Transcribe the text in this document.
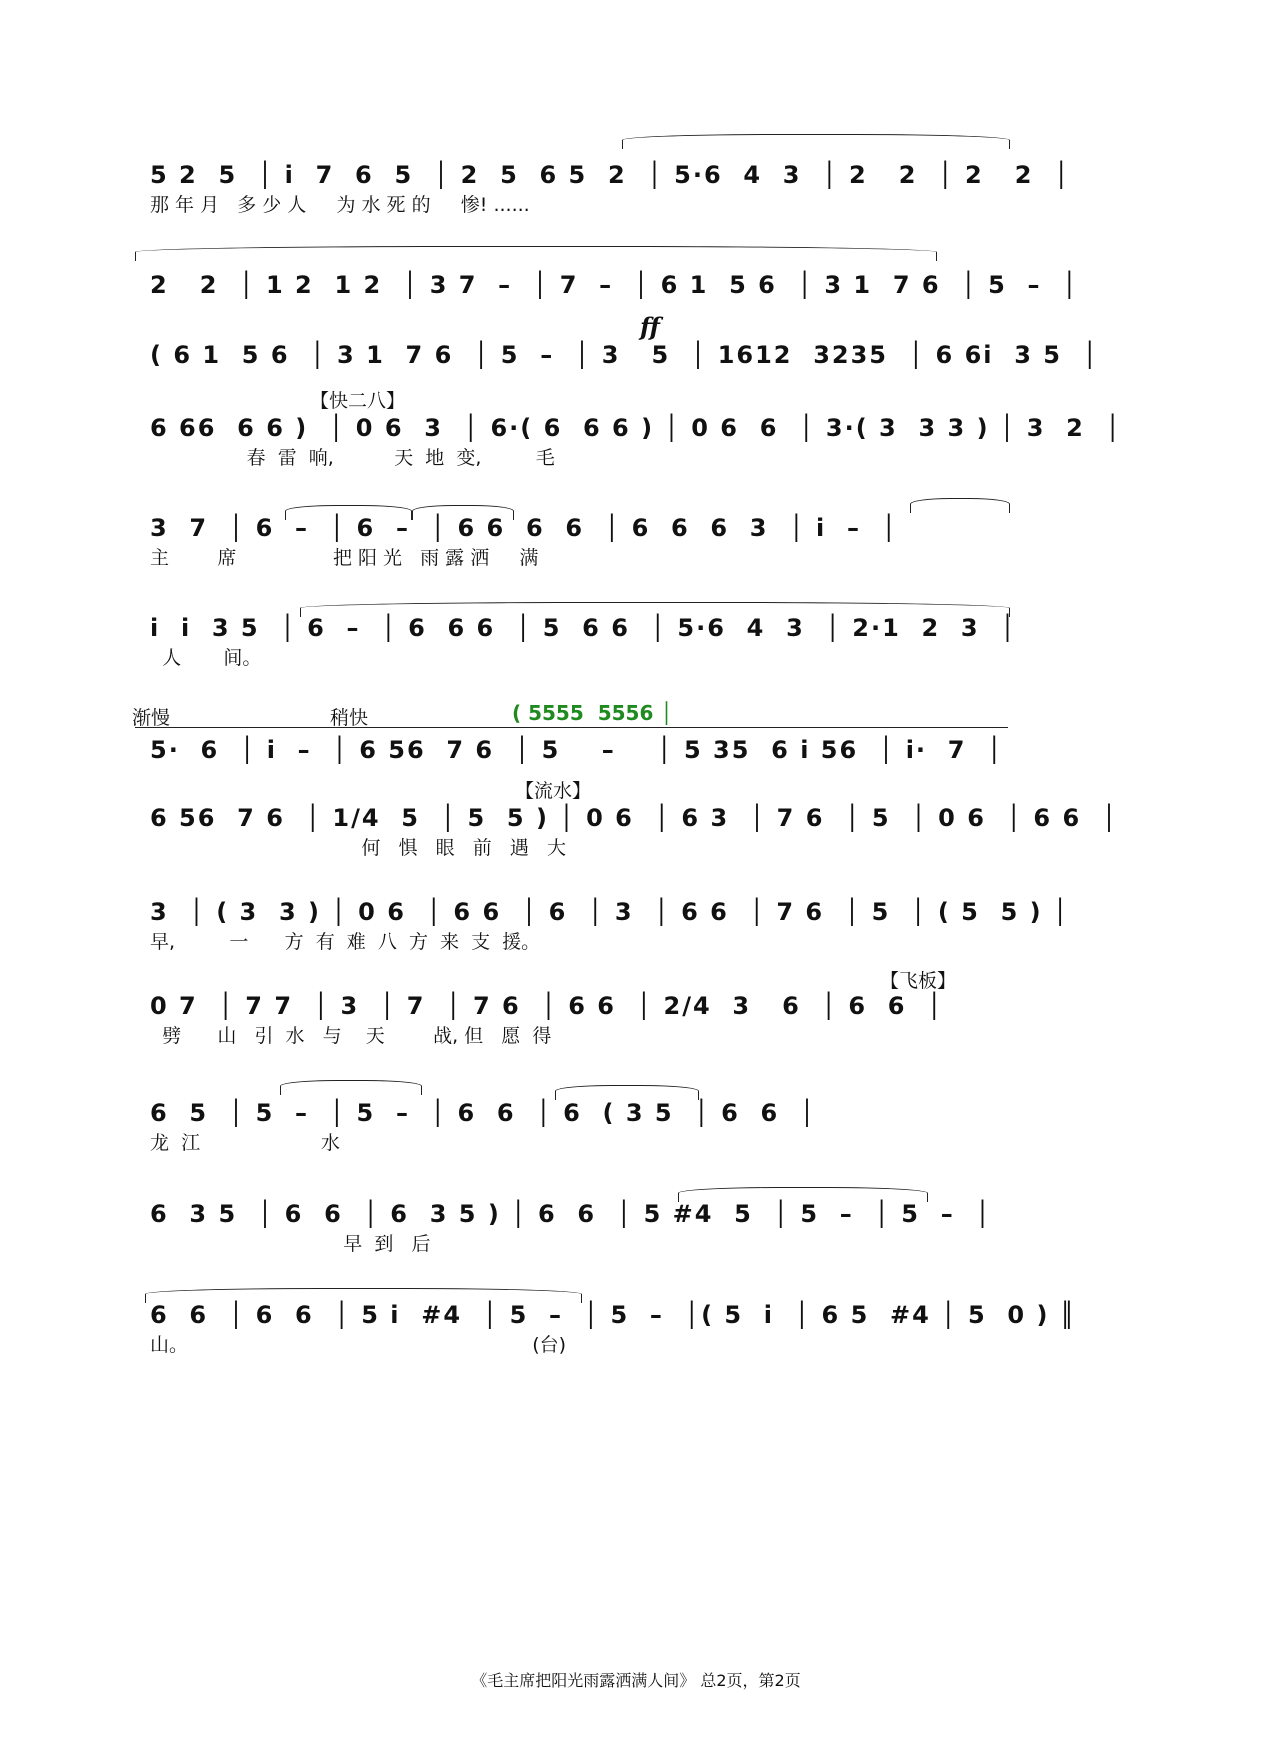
5 2  5  │ i  7  6  5  │ 2  5  6 5  2  │ 5·6  4  3  │ 2   2  │ 2   2  │
那 年 月   多 少 人     为 水 死 的     惨! ......
2   2  │ 1 2  1 2  │ 3 7  –  │ 7  –  │ 6 1  5 6  │ 3 1  7 6  │ 5  –  │
ff
( 6 1  5 6  │ 3 1  7 6  │ 5  –  │ 3   5  │ 1612  3235  │ 6 6i  3 5  │
【快二八】
6 66  6 6 )  │ 0 6  3  │ 6·( 6  6 6 ) │ 0 6  6  │ 3·( 3  3 3 ) │ 3  2  │
春  雷  响,          天  地  变,         毛
3  7  │ 6  –  │ 6  –  │ 6 6  6  6  │ 6  6  6  3  │ i  –  │
主        席                把 阳 光   雨 露 洒     满
i  i  3 5  │ 6  –  │ 6  6 6  │ 5  6 6  │ 5·6  4  3  │ 2·1  2  3  │
人       间。
渐慢	稍快	( 5555  5556 │
5·  6  │ i  –  │ 6 56  7 6  │ 5    –    │ 5 35  6 i 56  │ i·  7  │
【流水】
6 56  7 6  │ 1/4  5  │ 5  5 ) │ 0 6  │ 6 3  │ 7 6  │ 5  │ 0 6  │ 6 6  │
何   惧   眼   前   遇   大
3  │ ( 3  3 ) │ 0 6  │ 6 6  │ 6  │ 3  │ 6 6  │ 7 6  │ 5  │ ( 5  5 ) │
早,         一      方  有  难  八  方  来  支  援。
【飞板】
0 7  │ 7 7  │ 3  │ 7  │ 7 6  │ 6 6  │ 2/4  3   6  │ 6  6  │
劈      山   引  水   与    天        战, 但   愿  得
6  5  │ 5  –  │ 5  –  │ 6  6  │ 6  ( 3 5  │ 6  6  │
龙  江                    水
6  3 5  │ 6  6  │ 6  3 5 ) │ 6  6  │ 5 #4  5  │ 5  –  │ 5  –  │
早  到   后
6  6  │ 6  6  │ 5 i  #4  │ 5  –  │ 5  –  │( 5  i  │ 6 5  #4 │ 5  0 ) ║
山。                                                         (台)
《毛主席把阳光雨露洒满人间》 总2页，第2页
